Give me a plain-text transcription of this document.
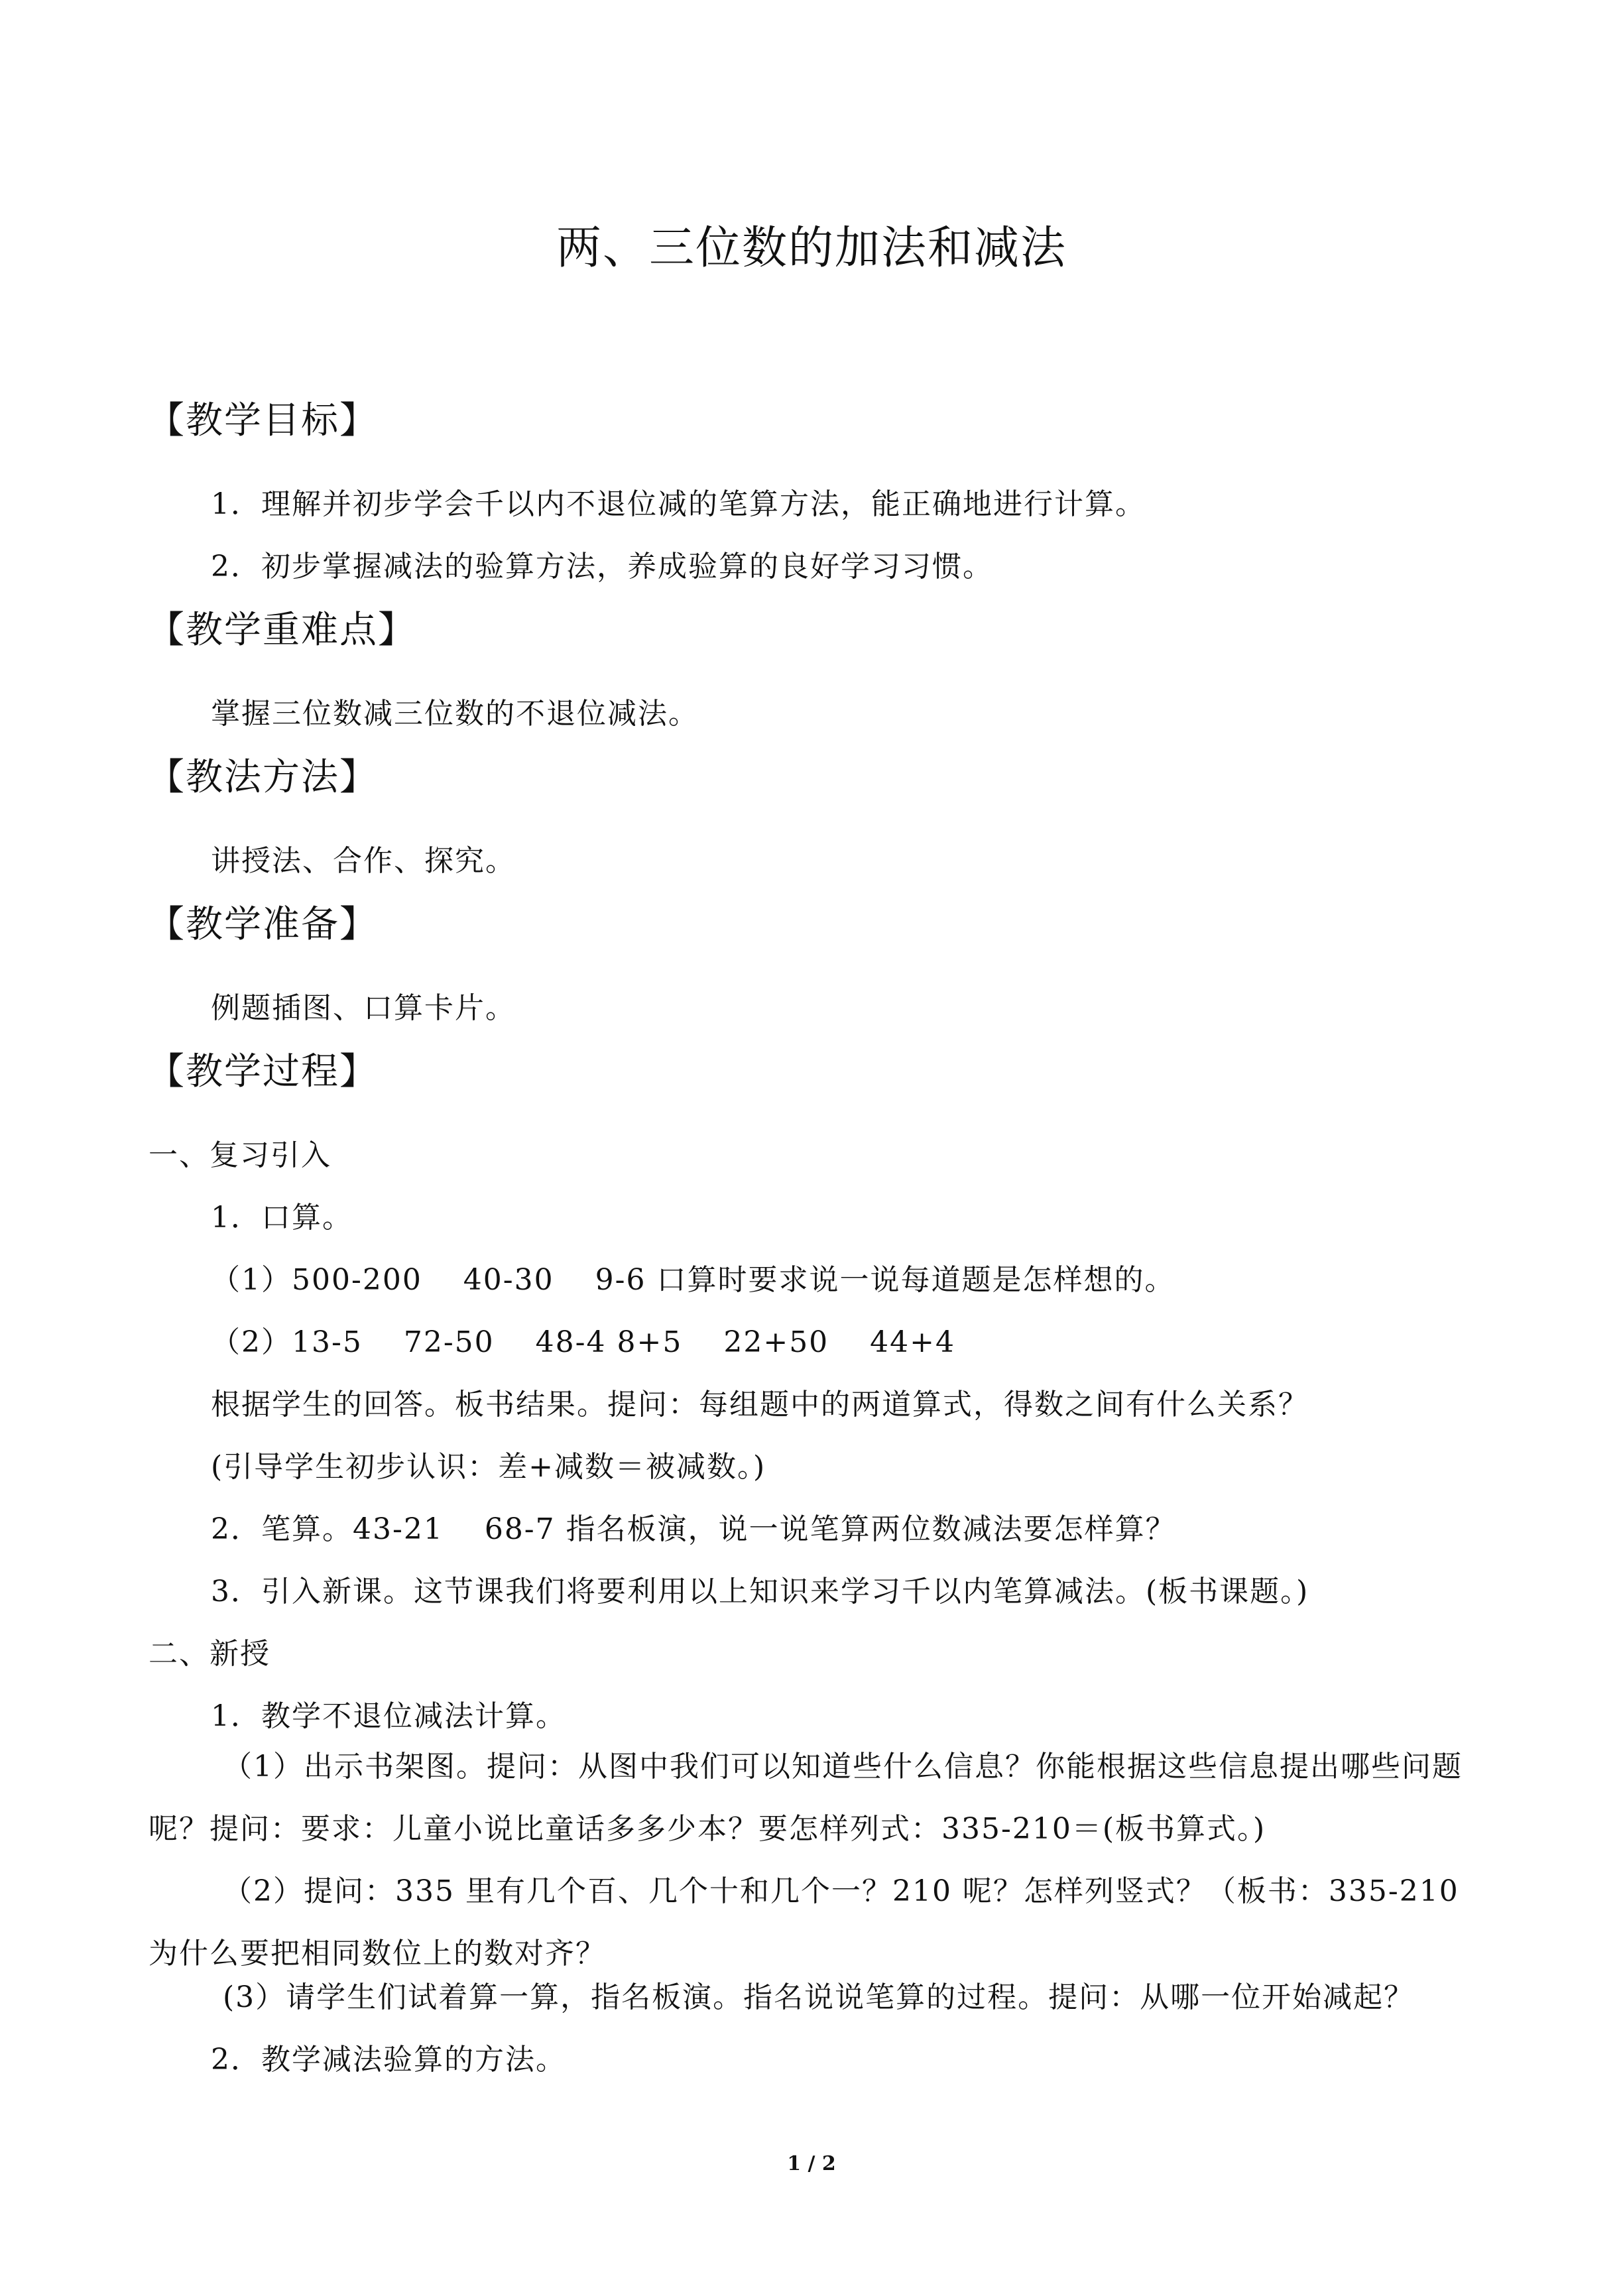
两、三位数的加法和减法
【教学目标】
1．理解并初步学会千以内不退位减的笔算方法，能正确地进行计算。
2．初步掌握减法的验算方法，养成验算的良好学习习惯。
【教学重难点】
掌握三位数减三位数的不退位减法。
【教法方法】
讲授法、合作、探究。
【教学准备】
例题插图、口算卡片。
【教学过程】
一、复习引入
1．口算。
（1）500-200　 40-30　 9-6 口算时要求说一说每道题是怎样想的。
（2）13-5　 72-50　 48-4 8+5　 22+50　 44+4
根据学生的回答。板书结果。提问：每组题中的两道算式，得数之间有什么关系？
(引导学生初步认识：差+减数＝被减数。)
2．笔算。43-21　 68-7 指名板演，说一说笔算两位数减法要怎样算？
3．引入新课。这节课我们将要利用以上知识来学习千以内笔算减法。(板书课题。)
二、新授
1．教学不退位减法计算。
（1）出示书架图。提问：从图中我们可以知道些什么信息？你能根据这些信息提出哪些问题呢？提问：要求：儿童小说比童话多多少本？要怎样列式：335-210＝(板书算式。)
（2）提问：335 里有几个百、几个十和几个一？210 呢？怎样列竖式？（板书：335-210 为什么要把相同数位上的数对齐？
(3）请学生们试着算一算，指名板演。指名说说笔算的过程。提问：从哪一位开始减起？
2．教学减法验算的方法。
1 / 2
